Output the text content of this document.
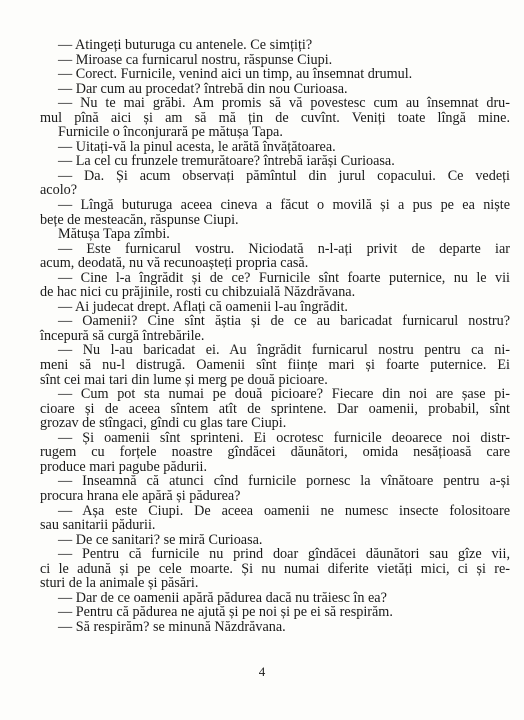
— Atingeți buturuga cu antenele. Ce simțiți?
— Miroase ca furnicarul nostru, răspunse Ciupi.
— Corect. Furnicile, venind aici un timp, au însemnat drumul.
— Dar cum au procedat? întrebă din nou Curioasa.
— Nu te mai grăbi. Am promis să vă povestesc cum au însemnat dru-
mul pînă aici și am să mă țin de cuvînt. Veniți toate lîngă mine.
Furnicile o înconjurară pe mătușa Tapa.
— Uitați-vă la pinul acesta, le arătă învățătoarea.
— La cel cu frunzele tremurătoare? întrebă iarăși Curioasa.
— Da. Și acum observați pămîntul din jurul copacului. Ce vedeți
acolo?
— Lîngă buturuga aceea cineva a făcut o movilă și a pus pe ea niște
bețe de mesteacăn, răspunse Ciupi.
Mătușa Tapa zîmbi.
— Este furnicarul vostru. Niciodată n-l-ați privit de departe iar
acum, deodată, nu vă recunoașteți propria casă.
— Cine l-a îngrădit și de ce? Furnicile sînt foarte puternice, nu le vii
de hac nici cu prăjinile, rosti cu chibzuială Năzdrăvana.
— Ai judecat drept. Aflați că oamenii l-au îngrădit.
— Oamenii? Cine sînt ăștia și de ce au baricadat furnicarul nostru?
începură să curgă întrebările.
— Nu l-au baricadat ei. Au îngrădit furnicarul nostru pentru ca ni-
meni să nu-l distrugă. Oamenii sînt ființe mari și foarte puternice. Ei
sînt cei mai tari din lume și merg pe două picioare.
— Cum pot sta numai pe două picioare? Fiecare din noi are șase pi-
cioare și de aceea sîntem atît de sprintene. Dar oamenii, probabil, sînt
grozav de stîngaci, gîndi cu glas tare Ciupi.
— Și oamenii sînt sprinteni. Ei ocrotesc furnicile deoarece noi distr-
rugem cu forțele noastre gîndăcei dăunători, omida nesățioasă care
produce mari pagube pădurii.
— Inseamnă că atunci cînd furnicile pornesc la vînătoare pentru a-și
procura hrana ele apără și pădurea?
— Așa este Ciupi. De aceea oamenii ne numesc insecte folositoare
sau sanitarii pădurii.
— De ce sanitari? se miră Curioasa.
— Pentru că furnicile nu prind doar gîndăcei dăunători sau gîze vii,
ci le adună și pe cele moarte. Și nu numai diferite vietăți mici, ci și re-
sturi de la animale și păsări.
— Dar de ce oamenii apără pădurea dacă nu trăiesc în ea?
— Pentru că pădurea ne ajută și pe noi și pe ei să respirăm.
— Să respirăm? se minună Năzdrăvana.
4
